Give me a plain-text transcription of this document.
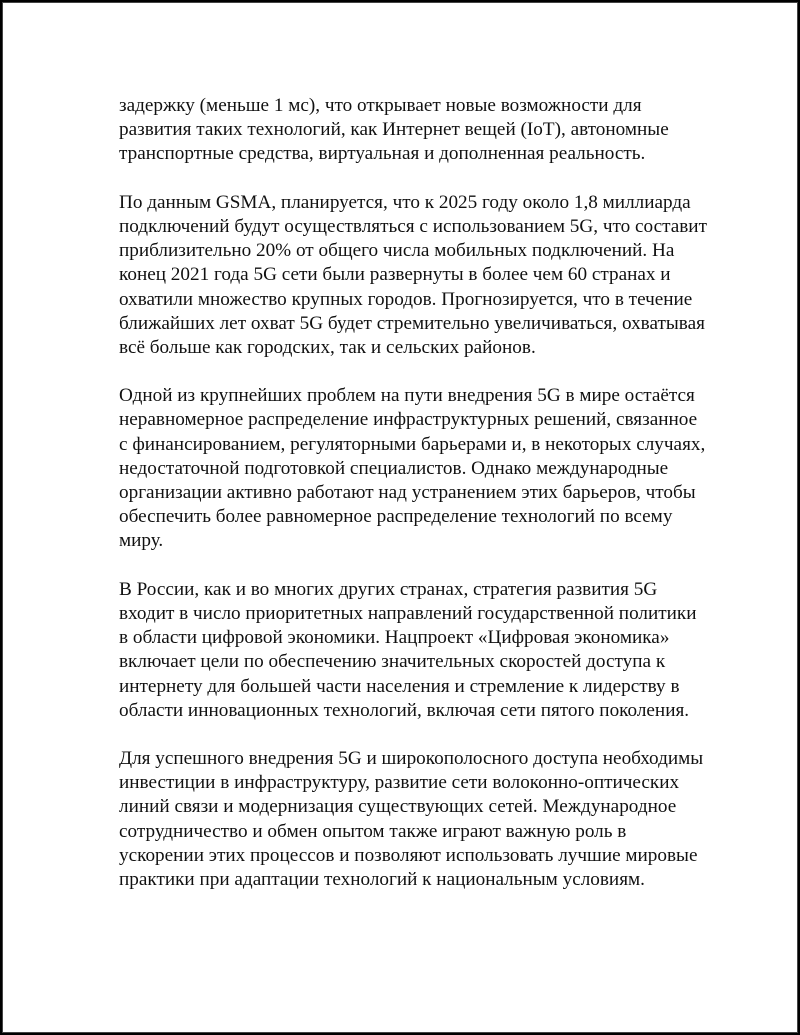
задержку (меньше 1 мс), что открывает новые возможности для
развития таких технологий, как Интернет вещей (IoT), автономные
транспортные средства, виртуальная и дополненная реальность.

По данным GSMA, планируется, что к 2025 году около 1,8 миллиарда
подключений будут осуществляться с использованием 5G, что составит
приблизительно 20% от общего числа мобильных подключений. На
конец 2021 года 5G сети были развернуты в более чем 60 странах и
охватили множество крупных городов. Прогнозируется, что в течение
ближайших лет охват 5G будет стремительно увеличиваться, охватывая
всё больше как городских, так и сельских районов.

Одной из крупнейших проблем на пути внедрения 5G в мире остаётся
неравномерное распределение инфраструктурных решений, связанное
с финансированием, регуляторными барьерами и, в некоторых случаях,
недостаточной подготовкой специалистов. Однако международные
организации активно работают над устранением этих барьеров, чтобы
обеспечить более равномерное распределение технологий по всему
миру.

В России, как и во многих других странах, стратегия развития 5G
входит в число приоритетных направлений государственной политики
в области цифровой экономики. Нацпроект «Цифровая экономика»
включает цели по обеспечению значительных скоростей доступа к
интернету для большей части населения и стремление к лидерству в
области инновационных технологий, включая сети пятого поколения.

Для успешного внедрения 5G и широкополосного доступа необходимы
инвестиции в инфраструктуру, развитие сети волоконно-оптических
линий связи и модернизация существующих сетей. Международное
сотрудничество и обмен опытом также играют важную роль в
ускорении этих процессов и позволяют использовать лучшие мировые
практики при адаптации технологий к национальным условиям.
